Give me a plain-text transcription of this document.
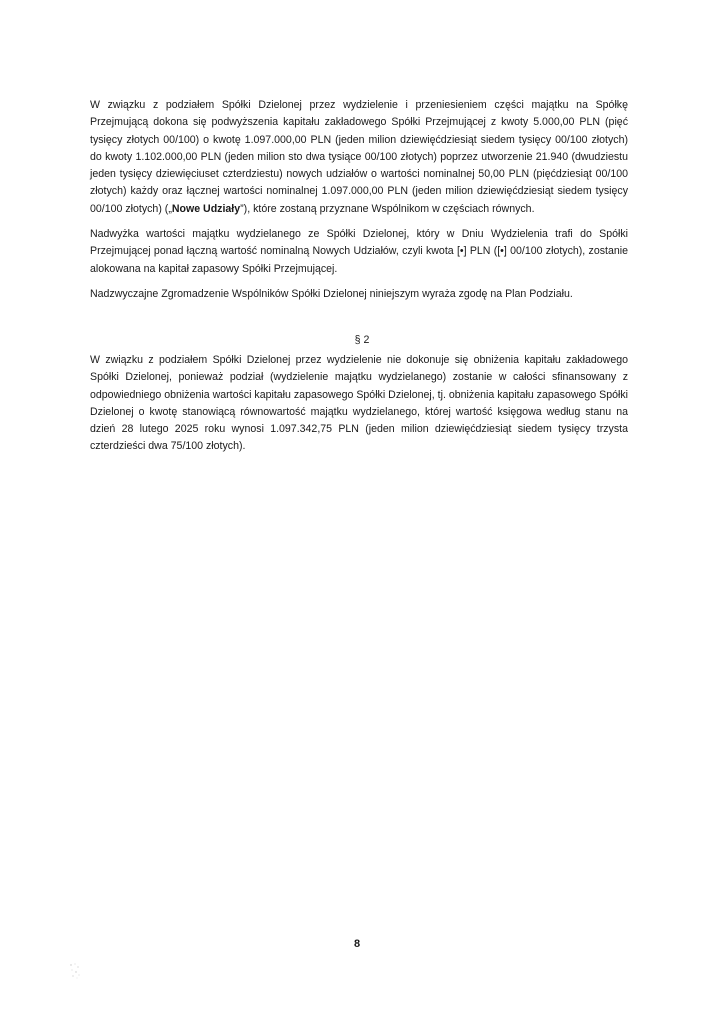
W związku z podziałem Spółki Dzielonej przez wydzielenie i przeniesieniem części majątku na Spółkę Przejmującą dokona się podwyższenia kapitału zakładowego Spółki Przejmującej z kwoty 5.000,00 PLN (pięć tysięcy złotych 00/100) o kwotę 1.097.000,00 PLN (jeden milion dziewięćdziesiąt siedem tysięcy 00/100 złotych) do kwoty 1.102.000,00 PLN (jeden milion sto dwa tysiące 00/100 złotych) poprzez utworzenie 21.940 (dwudziestu jeden tysięcy dziewięciuset czterdziestu) nowych udziałów o wartości nominalnej 50,00 PLN (pięćdziesiąt 00/100 złotych) każdy oraz łącznej wartości nominalnej 1.097.000,00 PLN (jeden milion dziewięćdziesiąt siedem tysięcy 00/100 złotych) („Nowe Udziały”), które zostaną przyznane Wspólnikom w częściach równych.

Nadwyżka wartości majątku wydzielanego ze Spółki Dzielonej, który w Dniu Wydzielenia trafi do Spółki Przejmującej ponad łączną wartość nominalną Nowych Udziałów, czyli kwota [•] PLN ([•] 00/100 złotych), zostanie alokowana na kapitał zapasowy Spółki Przejmującej.

Nadzwyczajne Zgromadzenie Wspólników Spółki Dzielonej niniejszym wyraża zgodę na Plan Podziału.

§ 2

W związku z podziałem Spółki Dzielonej przez wydzielenie nie dokonuje się obniżenia kapitału zakładowego Spółki Dzielonej, ponieważ podział (wydzielenie majątku wydzielanego) zostanie w całości sfinansowany z odpowiedniego obniżenia wartości kapitału zapasowego Spółki Dzielonej, tj. obniżenia kapitału zapasowego Spółki Dzielonej o kwotę stanowiącą równowartość majątku wydzielanego, której wartość księgowa według stanu na dzień 28 lutego 2025 roku wynosi 1.097.342,75 PLN (jeden milion dziewięćdziesiąt siedem tysięcy trzysta czterdzieści dwa 75/100 złotych).

8
